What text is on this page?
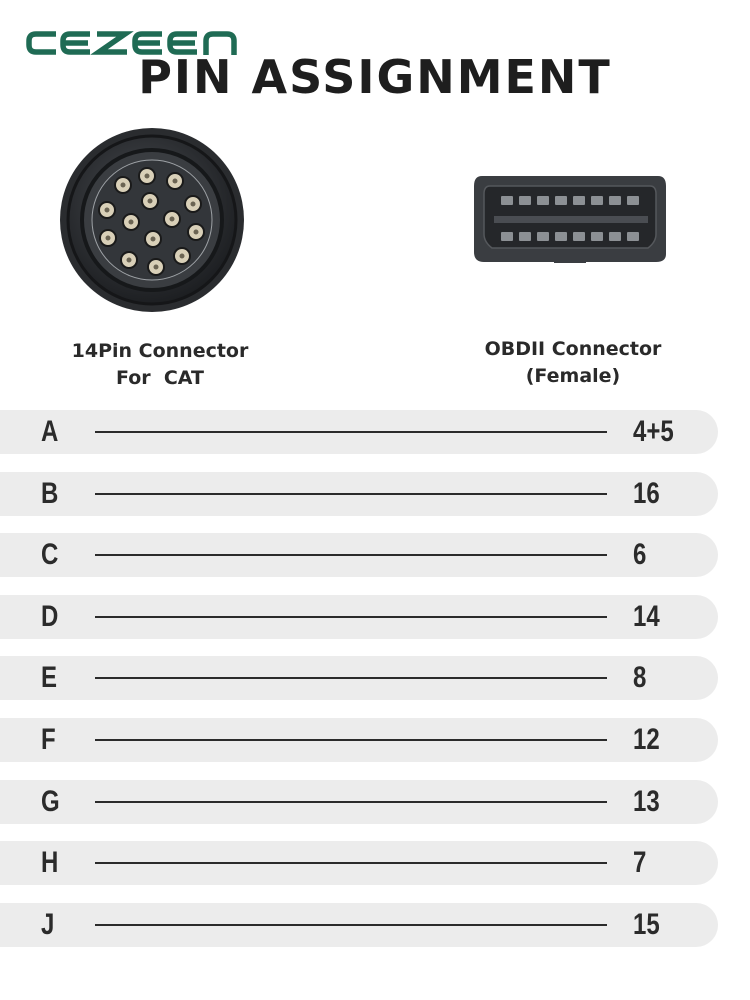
PIN ASSIGNMENT
14Pin Connector
For  CAT
OBDII Connector
(Female)
A	4+5
B	16
C	6
D	14
E	8
F	12
G	13
H	7
J	15
